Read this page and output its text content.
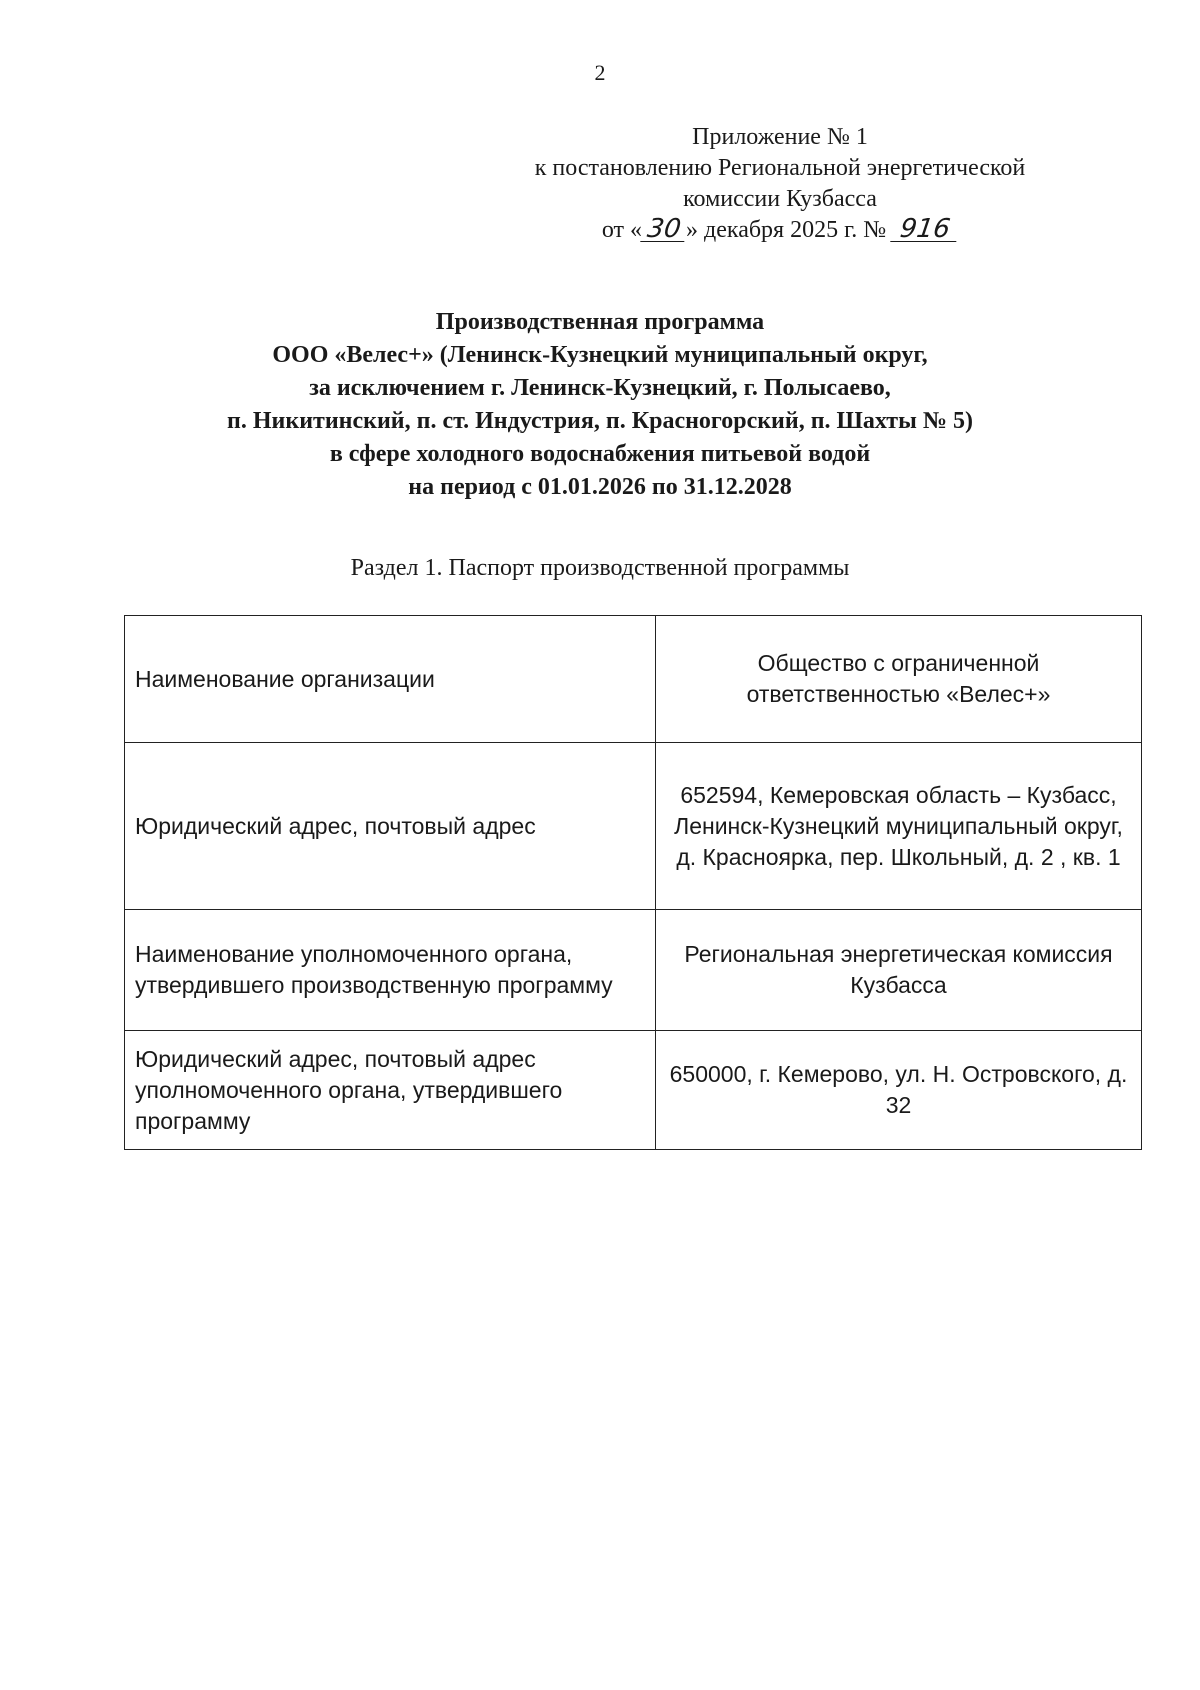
2
Приложение № 1
к постановлению Региональной энергетической
комиссии Кузбасса
от « 30 » декабря 2025 г. № 916
Производственная программа
ООО «Велес+» (Ленинск-Кузнецкий муниципальный округ,
за исключением г. Ленинск-Кузнецкий, г. Полысаево,
п. Никитинский, п. ст. Индустрия, п. Красногорский, п. Шахты № 5)
в сфере холодного водоснабжения питьевой водой
на период с 01.01.2026 по 31.12.2028
Раздел 1. Паспорт производственной программы
Наименование организации	Общество с ограниченной ответственностью «Велес+»
Юридический адрес, почтовый адрес	652594, Кемеровская область – Кузбасс, Ленинск-Кузнецкий муниципальный округ, д. Красноярка, пер. Школьный, д. 2 , кв. 1
Наименование уполномоченного органа, утвердившего производственную программу	Региональная энергетическая комиссия Кузбасса
Юридический адрес, почтовый адрес уполномоченного органа, утвердившего программу	650000, г. Кемерово, ул. Н. Островского, д. 32
